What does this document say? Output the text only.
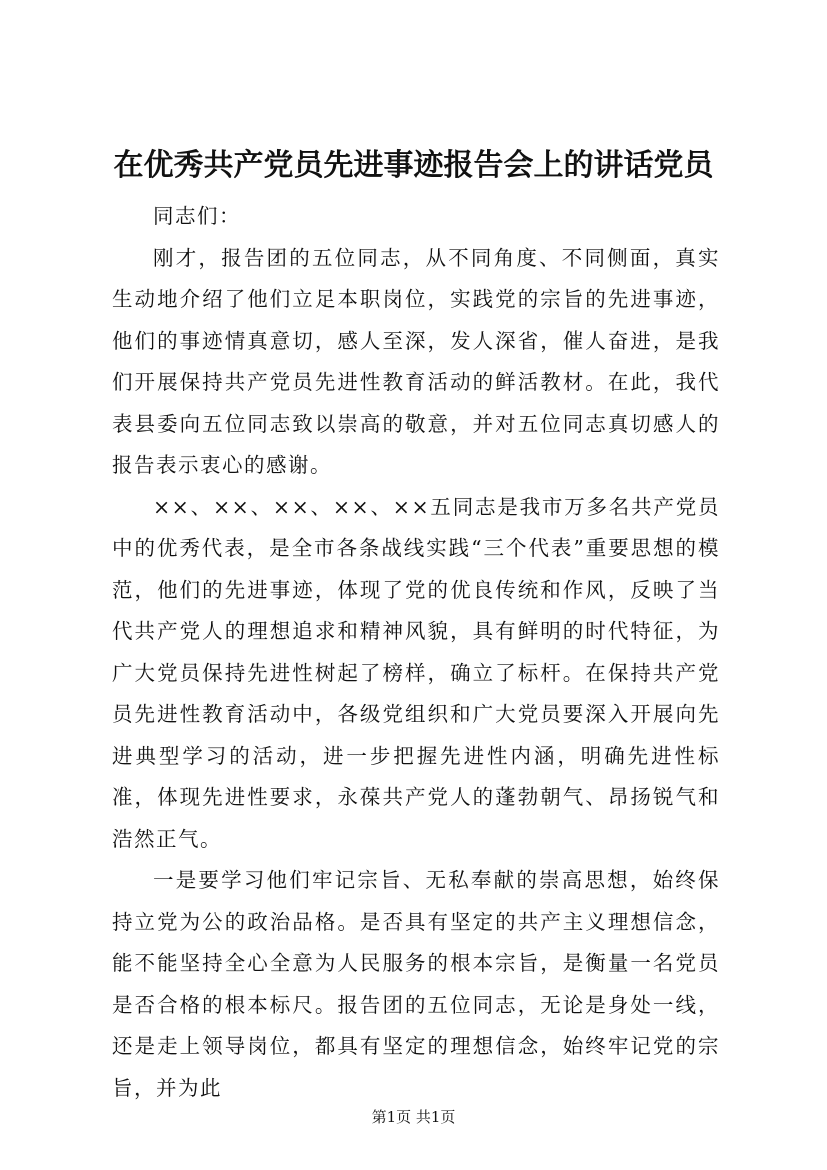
在优秀共产党员先进事迹报告会上的讲话党员

同志们：

刚才，报告团的五位同志，从不同角度、不同侧面，真实生动地介绍了他们立足本职岗位，实践党的宗旨的先进事迹，他们的事迹情真意切，感人至深，发人深省，催人奋进，是我们开展保持共产党员先进性教育活动的鲜活教材。在此，我代表县委向五位同志致以崇高的敬意，并对五位同志真切感人的报告表示衷心的感谢。

××、××、××、××、××五同志是我市万多名共产党员中的优秀代表，是全市各条战线实践“三个代表”重要思想的模范，他们的先进事迹，体现了党的优良传统和作风，反映了当代共产党人的理想追求和精神风貌，具有鲜明的时代特征，为广大党员保持先进性树起了榜样，确立了标杆。在保持共产党员先进性教育活动中，各级党组织和广大党员要深入开展向先进典型学习的活动，进一步把握先进性内涵，明确先进性标准，体现先进性要求，永葆共产党人的蓬勃朝气、昂扬锐气和浩然正气。

一是要学习他们牢记宗旨、无私奉献的崇高思想，始终保持立党为公的政治品格。是否具有坚定的共产主义理想信念，能不能坚持全心全意为人民服务的根本宗旨，是衡量一名党员是否合格的根本标尺。报告团的五位同志，无论是身处一线，还是走上领导岗位，都具有坚定的理想信念，始终牢记党的宗旨，并为此

第1页 共1页
